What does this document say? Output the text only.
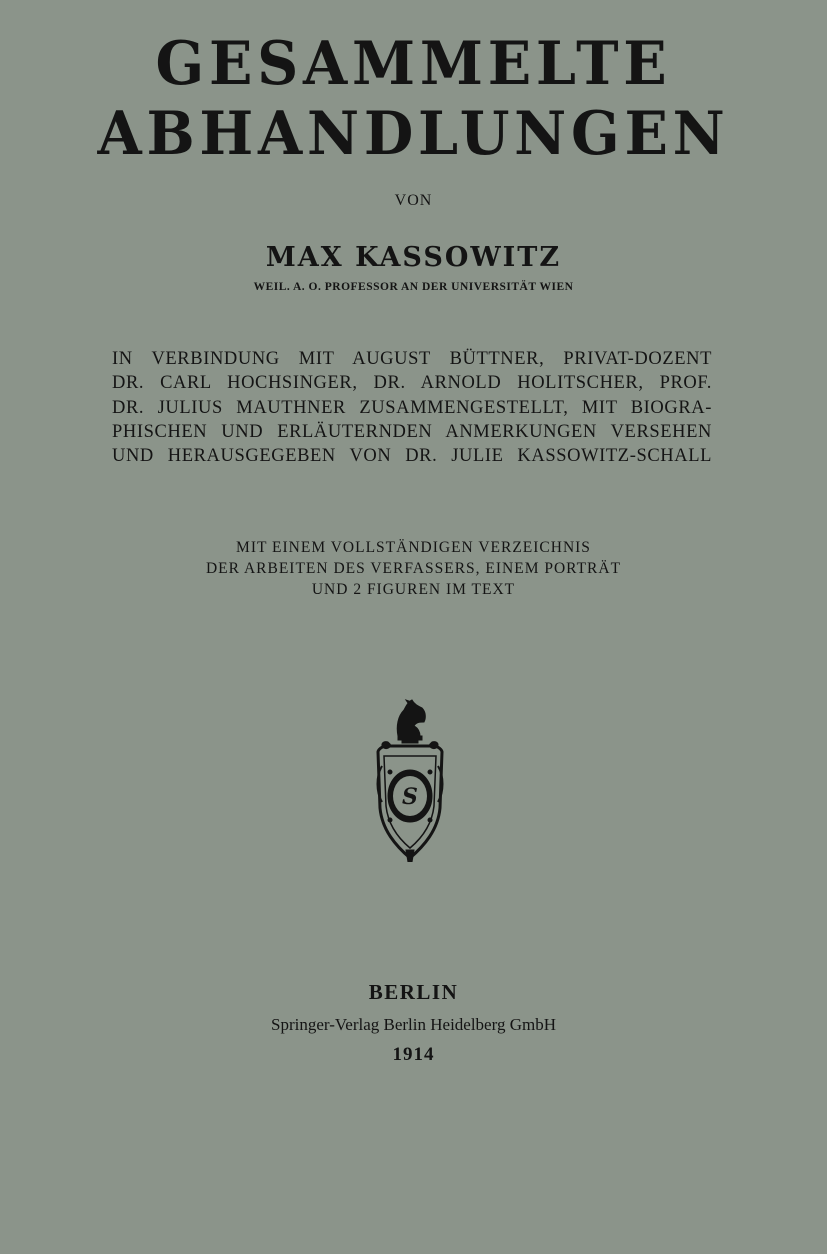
GESAMMELTE
ABHANDLUNGEN
VON
MAX KASSOWITZ
WEIL. A. O. PROFESSOR AN DER UNIVERSITÄT WIEN
IN VERBINDUNG MIT AUGUST BÜTTNER, PRIVAT-DOZENT
DR. CARL HOCHSINGER, DR. ARNOLD HOLITSCHER, PROF.
DR. JULIUS MAUTHNER ZUSAMMENGESTELLT, MIT BIOGRA-
PHISCHEN UND ERLÄUTERNDEN ANMERKUNGEN VERSEHEN
UND HERAUSGEGEBEN VON DR. JULIE KASSOWITZ-SCHALL
MIT EINEM VOLLSTÄNDIGEN VERZEICHNIS
DER ARBEITEN DES VERFASSERS, EINEM PORTRÄT
UND 2 FIGUREN IM TEXT
S
BERLIN
Springer-Verlag Berlin Heidelberg GmbH
1914
